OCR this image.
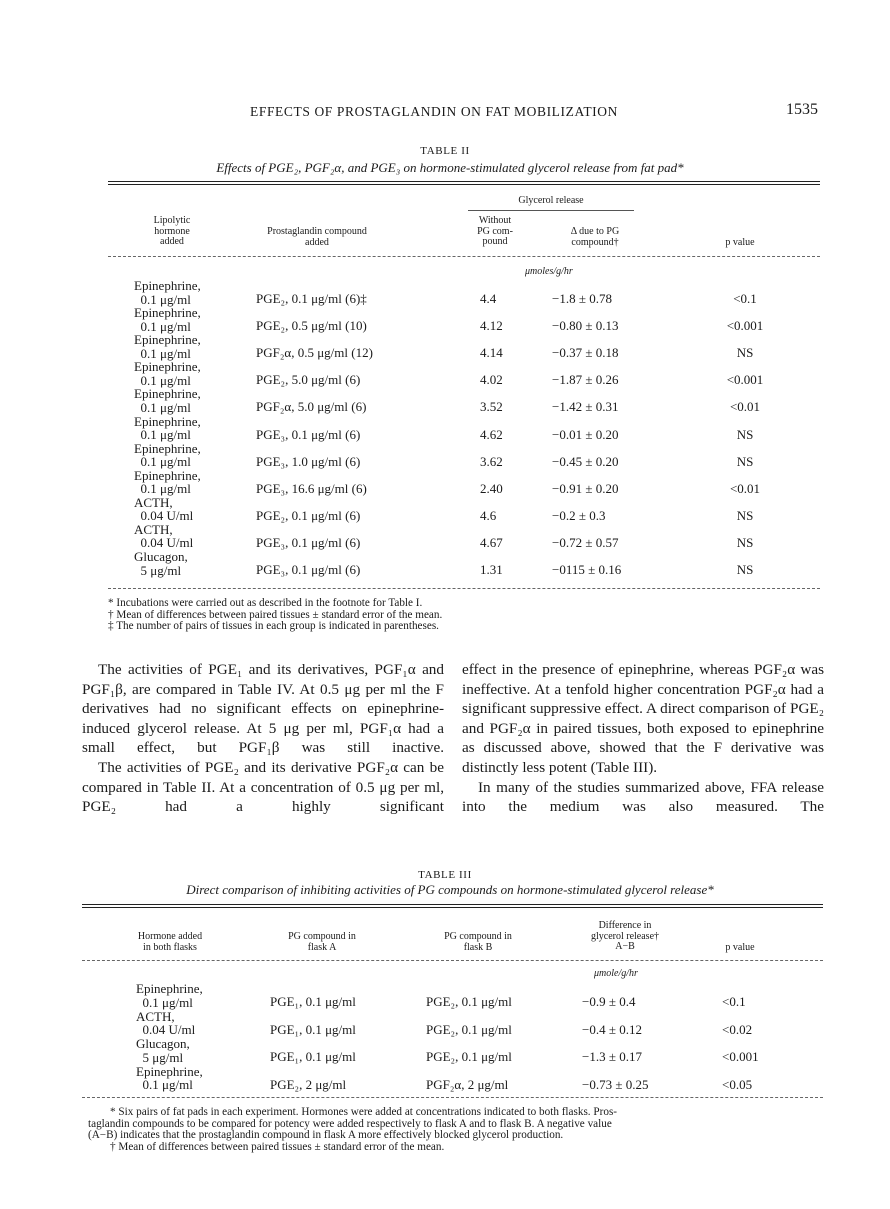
EFFECTS OF PROSTAGLANDIN ON FAT MOBILIZATION	1535
TABLE II
Effects of PGE₂, PGF₂α, and PGE₃ on hormone-stimulated glycerol release from fat pad*
Glycerol release
Lipolytic
hormone
added
Prostaglandin compound
added
Without
PG com-
pound
Δ due to PG
compound†	p value
μmoles/g/hr
Epinephrine,
0.1 μg/ml	PGE₂, 0.1 μg/ml (6)‡	4.4	−1.8 ± 0.78	<0.1
Epinephrine,
0.1 μg/ml	PGE₂, 0.5 μg/ml (10)	4.12	−0.80 ± 0.13	<0.001
Epinephrine,
0.1 μg/ml	PGF₂α, 0.5 μg/ml (12)	4.14	−0.37 ± 0.18	NS
Epinephrine,
0.1 μg/ml	PGE₂, 5.0 μg/ml (6)	4.02	−1.87 ± 0.26	<0.001
Epinephrine,
0.1 μg/ml	PGF₂α, 5.0 μg/ml (6)	3.52	−1.42 ± 0.31	<0.01
Epinephrine,
0.1 μg/ml	PGE₃, 0.1 μg/ml (6)	4.62	−0.01 ± 0.20	NS
Epinephrine,
0.1 μg/ml	PGE₃, 1.0 μg/ml (6)	3.62	−0.45 ± 0.20	NS
Epinephrine,
0.1 μg/ml	PGE₃, 16.6 μg/ml (6)	2.40	−0.91 ± 0.20	<0.01
ACTH,
0.04 U/ml	PGE₂, 0.1 μg/ml (6)	4.6	−0.2 ± 0.3	NS
ACTH,
0.04 U/ml	PGE₃, 0.1 μg/ml (6)	4.67	−0.72 ± 0.57	NS
Glucagon,
5 μg/ml	PGE₃, 0.1 μg/ml (6)	1.31	−0115 ± 0.16	NS
* Incubations were carried out as described in the footnote for Table I.
† Mean of differences between paired tissues ± standard error of the mean.
‡ The number of pairs of tissues in each group is indicated in parentheses.

The activities of PGE₁ and its derivatives, PGF₁α and PGF₁β, are compared in Table IV. At 0.5 μg per ml the F derivatives had no significant effects on epinephrine-induced glycerol release. At 5 μg per ml, PGF₁α had a small effect, but PGF₁β was still inactive.

The activities of PGE₂ and its derivative PGF₂α can be compared in Table II. At a concentration of 0.5 μg per ml, PGE₂ had a highly significant

effect in the presence of epinephrine, whereas PGF₂α was ineffective. At a tenfold higher concentration PGF₂α had a significant suppressive effect. A direct comparison of PGE₂ and PGF₂α in paired tissues, both exposed to epinephrine as discussed above, showed that the F derivative was distinctly less potent (Table III).

In many of the studies summarized above, FFA release into the medium was also measured. The

TABLE III
Direct comparison of inhibiting activities of PG compounds on hormone-stimulated glycerol release*
Hormone added
in both flasks
PG compound in
flask A
PG compound in
flask B
Difference in
glycerol release†
A−B	p value
μmole/g/hr
Epinephrine,
0.1 μg/ml	PGE₁, 0.1 μg/ml	PGE₂, 0.1 μg/ml	−0.9 ± 0.4	<0.1
ACTH,
0.04 U/ml	PGE₁, 0.1 μg/ml	PGE₂, 0.1 μg/ml	−0.4 ± 0.12	<0.02
Glucagon,
5 μg/ml	PGE₁, 0.1 μg/ml	PGE₂, 0.1 μg/ml	−1.3 ± 0.17	<0.001
Epinephrine,
0.1 μg/ml	PGE₂, 2 μg/ml	PGF₂α, 2 μg/ml	−0.73 ± 0.25	<0.05
* Six pairs of fat pads in each experiment. Hormones were added at concentrations indicated to both flasks. Pros-
taglandin compounds to be compared for potency were added respectively to flask A and to flask B. A negative value
(A−B) indicates that the prostaglandin compound in flask A more effectively blocked glycerol production.
† Mean of differences between paired tissues ± standard error of the mean.
